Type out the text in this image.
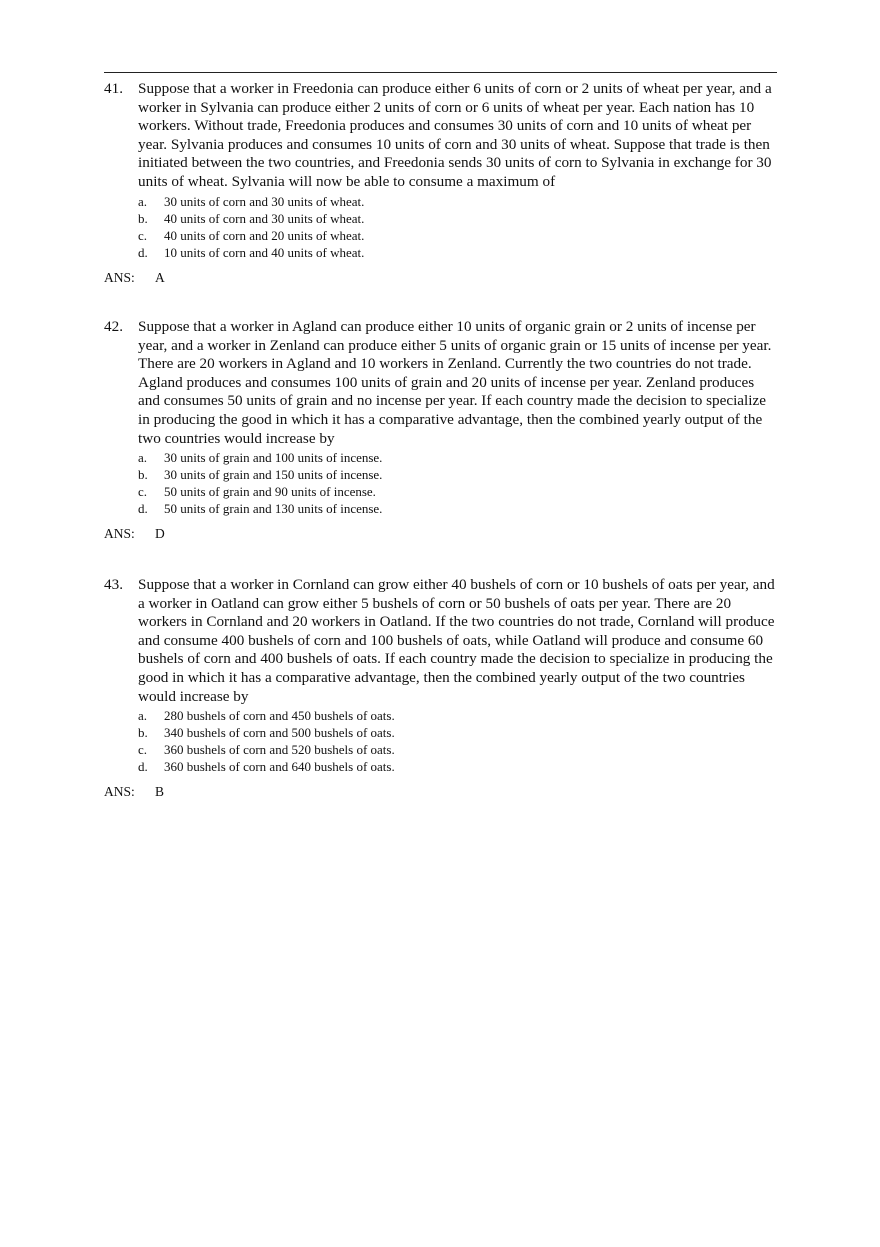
41. Suppose that a worker in Freedonia can produce either 6 units of corn or 2 units of wheat per year, and a worker in Sylvania can produce either 2 units of corn or 6 units of wheat per year. Each nation has 10 workers. Without trade, Freedonia produces and consumes 30 units of corn and 10 units of wheat per year. Sylvania produces and consumes 10 units of corn and 30 units of wheat. Suppose that trade is then initiated between the two countries, and Freedonia sends 30 units of corn to Sylvania in exchange for 30 units of wheat. Sylvania will now be able to consume a maximum of
a.	30 units of corn and 30 units of wheat.
b.	40 units of corn and 30 units of wheat.
c.	40 units of corn and 20 units of wheat.
d.	10 units of corn and 40 units of wheat.
ANS: A
42. Suppose that a worker in Agland can produce either 10 units of organic grain or 2 units of incense per year, and a worker in Zenland can produce either 5 units of organic grain or 15 units of incense per year. There are 20 workers in Agland and 10 workers in Zenland. Currently the two countries do not trade. Agland produces and consumes 100 units of grain and 20 units of incense per year. Zenland produces and consumes 50 units of grain and no incense per year. If each country made the decision to specialize in producing the good in which it has a comparative advantage, then the combined yearly output of the two countries would increase by
a.	30 units of grain and 100 units of incense.
b.	30 units of grain and 150 units of incense.
c.	50 units of grain and 90 units of incense.
d.	50 units of grain and 130 units of incense.
ANS: D
43. Suppose that a worker in Cornland can grow either 40 bushels of corn or 10 bushels of oats per year, and a worker in Oatland can grow either 5 bushels of corn or 50 bushels of oats per year. There are 20 workers in Cornland and 20 workers in Oatland. If the two countries do not trade, Cornland will produce and consume 400 bushels of corn and 100 bushels of oats, while Oatland will produce and consume 60 bushels of corn and 400 bushels of oats. If each country made the decision to specialize in producing the good in which it has a comparative advantage, then the combined yearly output of the two countries would increase by
a.	280 bushels of corn and 450 bushels of oats.
b.	340 bushels of corn and 500 bushels of oats.
c.	360 bushels of corn and 520 bushels of oats.
d.	360 bushels of corn and 640 bushels of oats.
ANS: B
